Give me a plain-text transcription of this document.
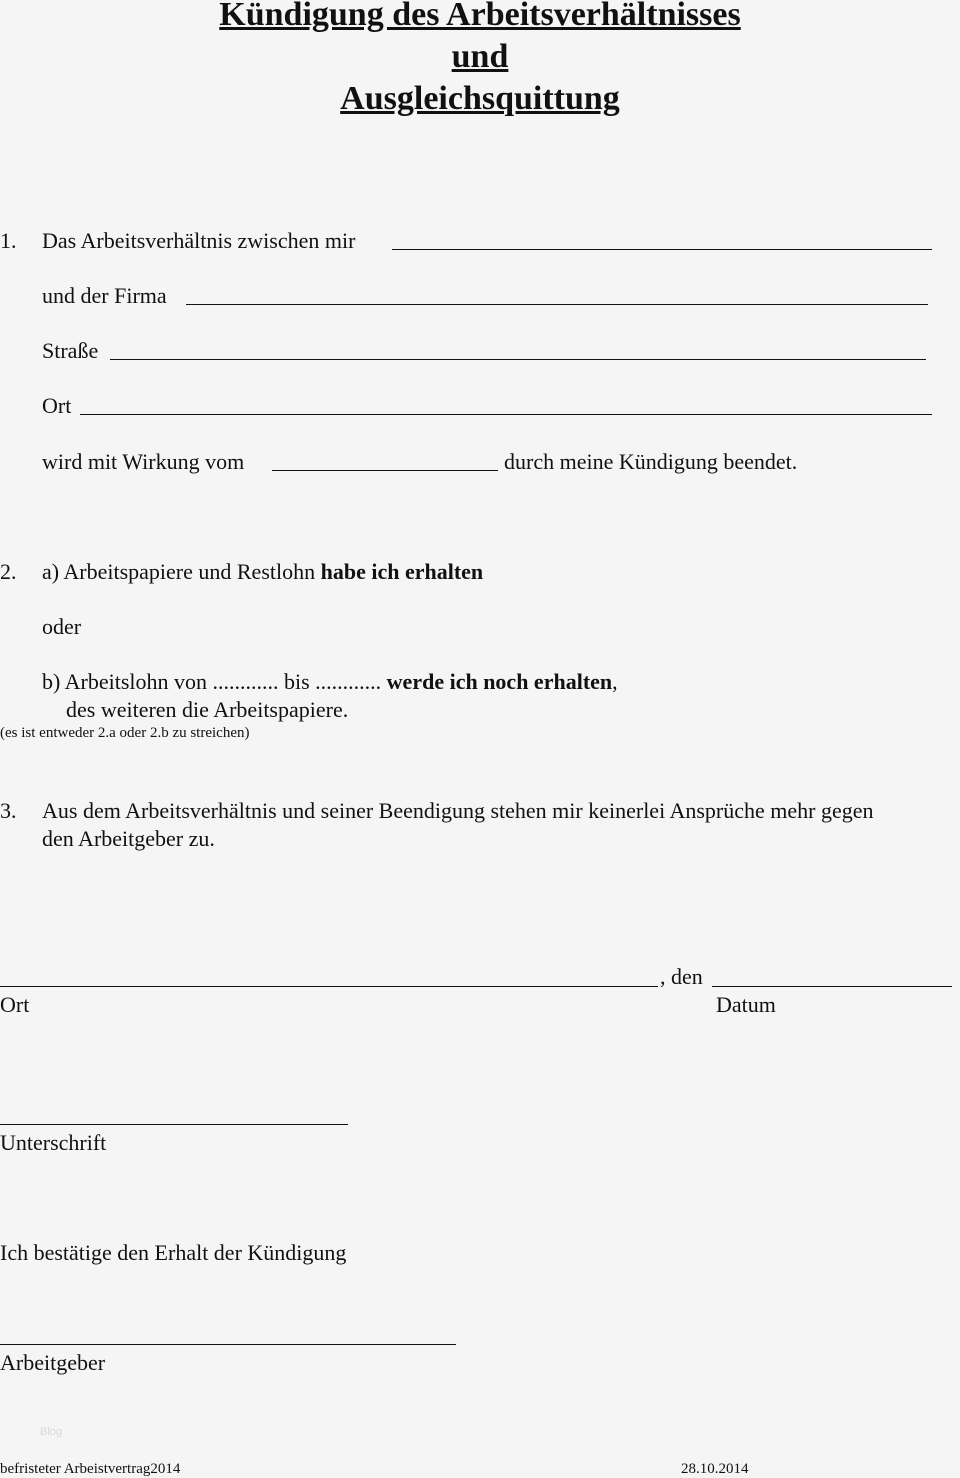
Kündigung des Arbeitsverhältnisses
und
Ausgleichsquittung
1. Das Arbeitsverhältnis zwischen mir
und der Firma
Straße
Ort
wird mit Wirkung vom	durch meine Kündigung beendet.
2. a) Arbeitspapiere und Restlohn habe ich erhalten
oder
b) Arbeitslohn von ............ bis ............ werde ich noch erhalten,
des weiteren die Arbeitspapiere.
(es ist entweder 2.a oder 2.b zu streichen)
3. Aus dem Arbeitsverhältnis und seiner Beendigung stehen mir keinerlei Ansprüche mehr gegen
den Arbeitgeber zu.
, den
Ort	Datum
Unterschrift
Ich bestätige den Erhalt der Kündigung
Arbeitgeber
Blog
befristeter Arbeistvertrag2014	28.10.2014
